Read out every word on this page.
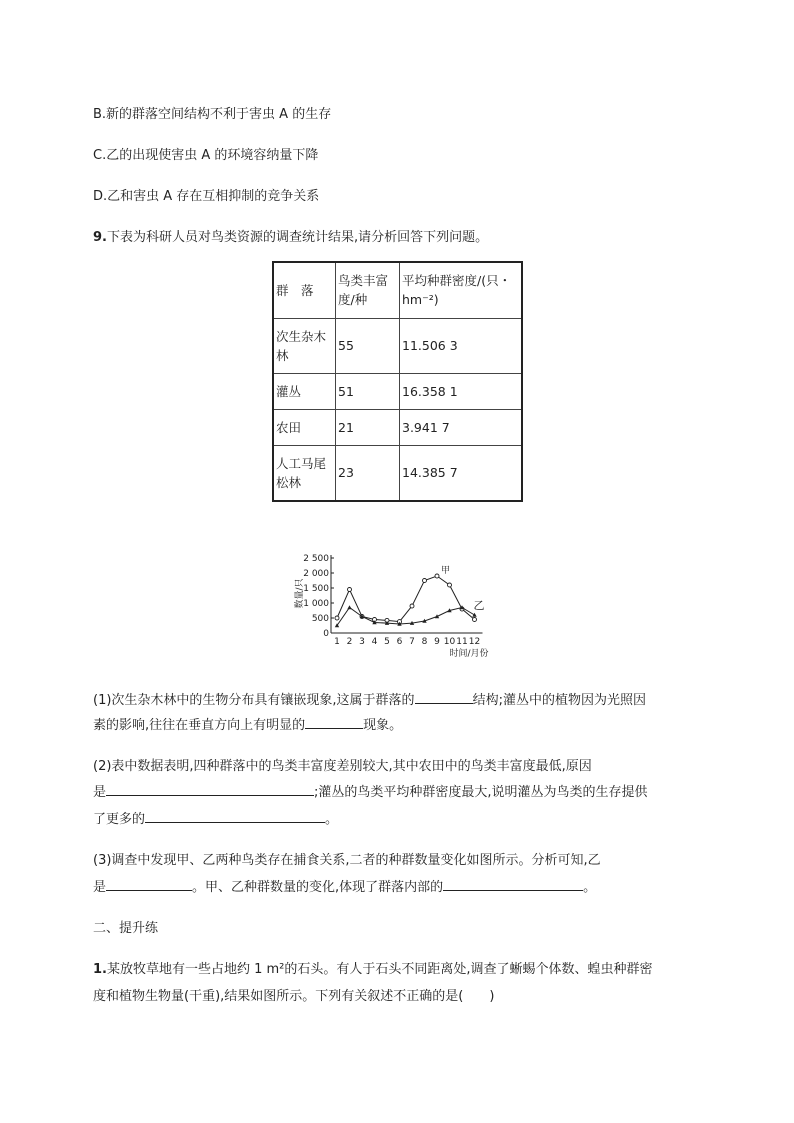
B.新的群落空间结构不利于害虫 A 的生存
C.乙的出现使害虫 A 的环境容纳量下降
D.乙和害虫 A 存在互相抑制的竞争关系
9.下表为科研人员对鸟类资源的调查统计结果,请分析回答下列问题。
群　落	鸟类丰富度/种	平均种群密度/(只・hm⁻²)
次生杂木林	55	11.506 3
灌丛	51	16.358 1
农田	21	3.941 7
人工马尾松林	23	14.385 7
0
500
1 000
1 500
2 000
2 500
1 2 3 4 5 6 7 8 9 10 11 12
数量/只
时间/月份
甲
乙
(1)次生杂木林中的生物分布具有镶嵌现象,这属于群落的	结构;灌丛中的植物因为光照因
素的影响,往往在垂直方向上有明显的	现象。
(2)表中数据表明,四种群落中的鸟类丰富度差别较大,其中农田中的鸟类丰富度最低,原因
是	;灌丛的鸟类平均种群密度最大,说明灌丛为鸟类的生存提供
了更多的	。
(3)调查中发现甲、乙两种鸟类存在捕食关系,二者的种群数量变化如图所示。分析可知,乙
是	。甲、乙种群数量的变化,体现了群落内部的	。
二、提升练
1.某放牧草地有一些占地约 1 m²的石头。有人于石头不同距离处,调查了蜥蜴个体数、蝗虫种群密
度和植物生物量(干重),结果如图所示。下列有关叙述不正确的是(　　)
